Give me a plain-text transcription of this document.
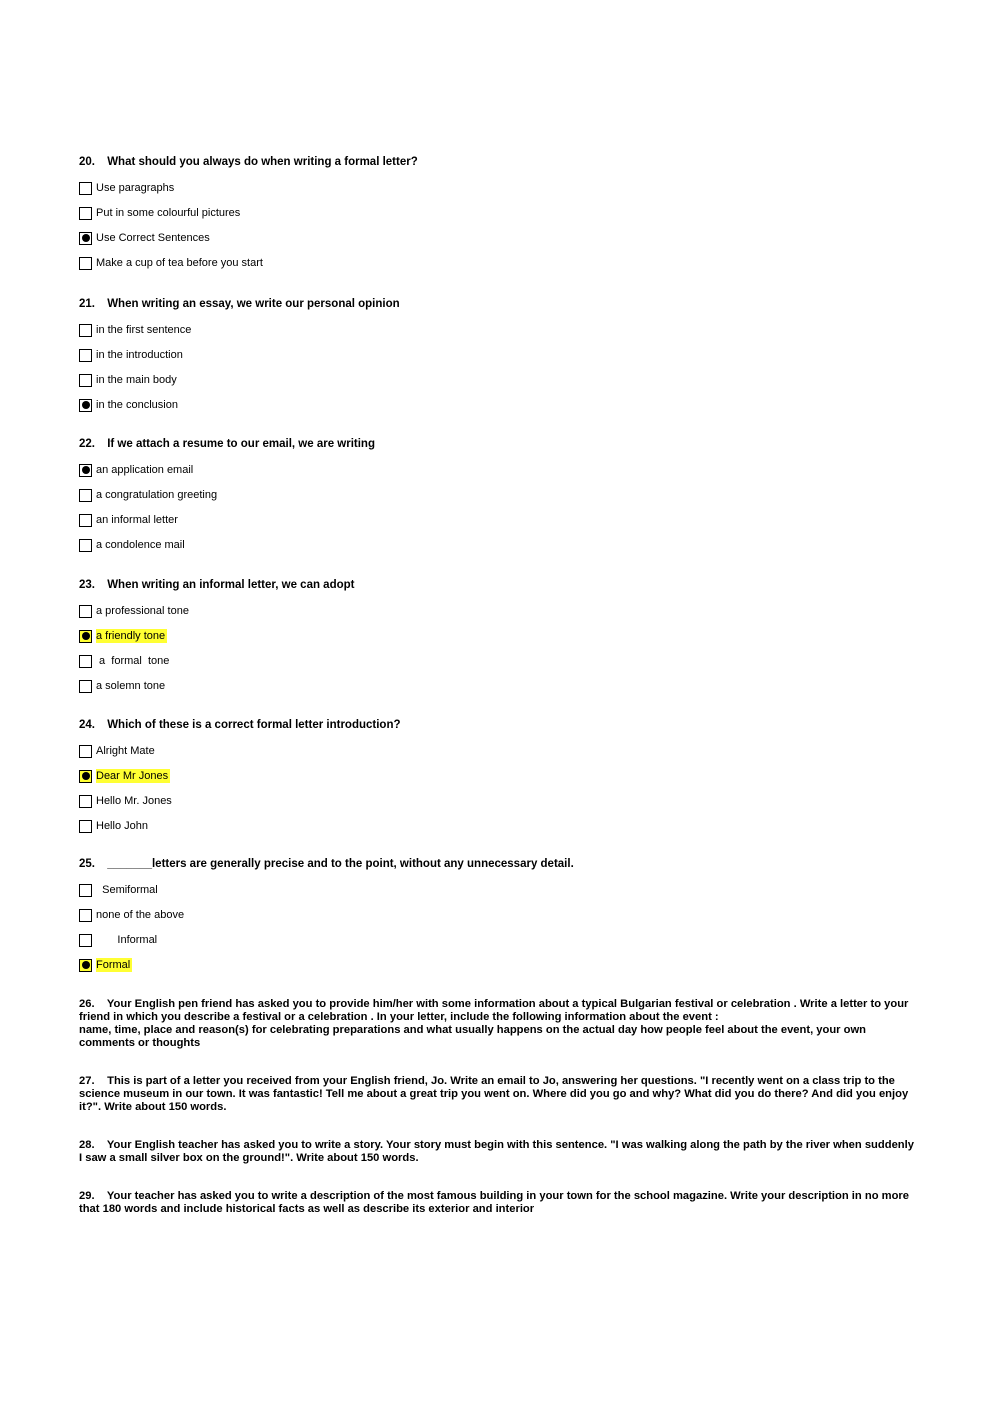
20. What should you always do when writing a formal letter?

Use paragraphs
Put in some colourful pictures
Use Correct Sentences
Make a cup of tea before you start

21. When writing an essay, we write our personal opinion

in the first sentence
in the introduction
in the main body
in the conclusion

22. If we attach a resume to our email, we are writing

an application email
a congratulation greeting
an informal letter
a condolence mail

23. When writing an informal letter, we can adopt

a professional tone
a friendly tone
a  formal  tone
a solemn tone

24. Which of these is a correct formal letter introduction?

Alright Mate
Dear Mr Jones
Hello Mr. Jones
Hello John

25. _______letters are generally precise and to the point, without any unnecessary detail.

Semiformal
none of the above
Informal
Formal

26. Your English pen friend has asked you to provide him/her with some information about a typical Bulgarian festival or celebration . Write a letter to your friend in which you describe a festival or a celebration . In your letter, include the following information about the event :

name, time, place and reason(s) for celebrating preparations and what usually happens on the actual day how people feel about the event, your own comments or thoughts

27. This is part of a letter you received from your English friend, Jo. Write an email to Jo, answering her questions. "I recently went on a class trip to the science museum in our town. It was fantastic! Tell me about a great trip you went on. Where did you go and why? What did you do there? And did you enjoy it?". Write about 150 words.

28. Your English teacher has asked you to write a story. Your story must begin with this sentence. "I was walking along the path by the river when suddenly I saw a small silver box on the ground!". Write about 150 words.

29. Your teacher has asked you to write a description of the most famous building in your town for the school magazine. Write your description in no more that 180 words and include historical facts as well as describe its exterior and interior
